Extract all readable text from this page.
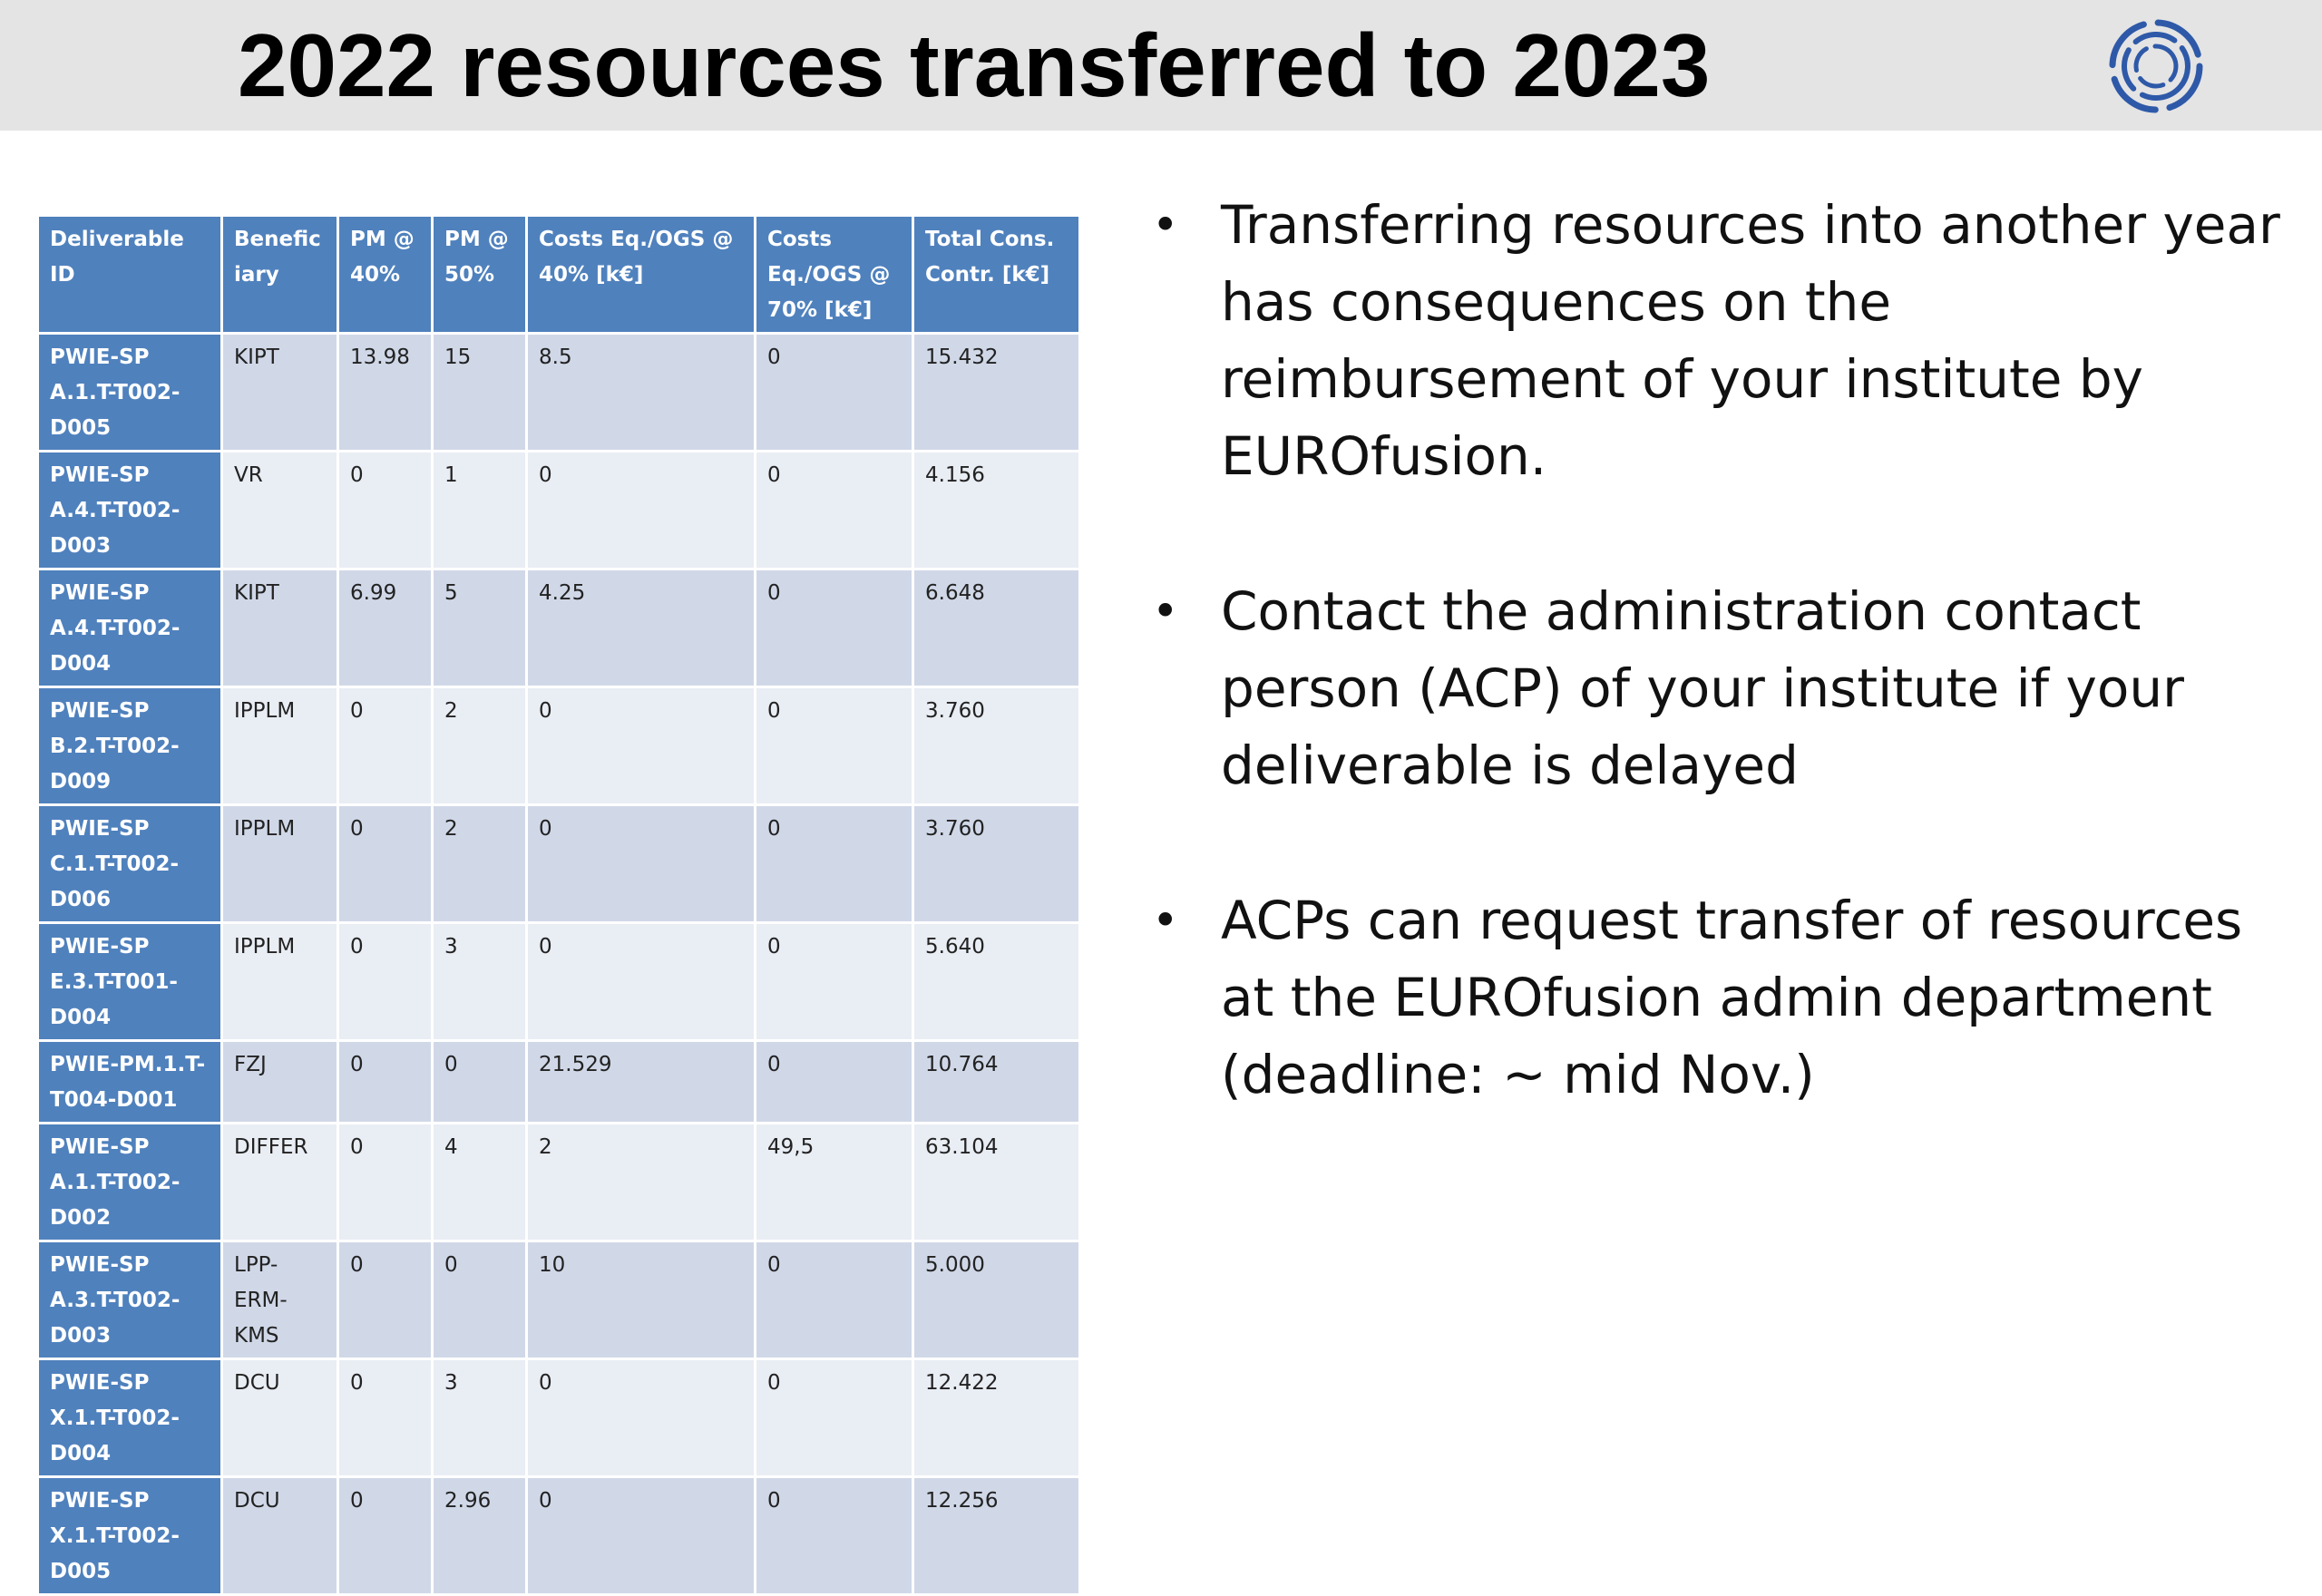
2022 resources transferred to 2023
Deliverable ID	Beneficiary	PM @ 40%	PM @ 50%	Costs Eq./OGS @ 40% [k€]	Costs Eq./OGS @ 70% [k€]	Total Cons. Contr. [k€]
PWIE-SP A.1.T-T002-D005	KIPT	13.98	15	8.5	0	15.432
PWIE-SP A.4.T-T002-D003	VR	0	1	0	0	4.156
PWIE-SP A.4.T-T002-D004	KIPT	6.99	5	4.25	0	6.648
PWIE-SP B.2.T-T002-D009	IPPLM	0	2	0	0	3.760
PWIE-SP C.1.T-T002-D006	IPPLM	0	2	0	0	3.760
PWIE-SP E.3.T-T001-D004	IPPLM	0	3	0	0	5.640
PWIE-PM.1.T-T004-D001	FZJ	0	0	21.529	0	10.764
PWIE-SP A.1.T-T002-D002	DIFFER	0	4	2	49,5	63.104
PWIE-SP A.3.T-T002-D003	LPP-ERM-KMS	0	0	10	0	5.000
PWIE-SP X.1.T-T002-D004	DCU	0	3	0	0	12.422
PWIE-SP X.1.T-T002-D005	DCU	0	2.96	0	0	12.256
• Transferring resources into another year has consequences on the reimbursement of your institute by EUROfusion.
• Contact the administration contact person (ACP) of your institute if your deliverable is delayed
• ACPs can request transfer of resources at the EUROfusion admin department (deadline: ~ mid Nov.)
